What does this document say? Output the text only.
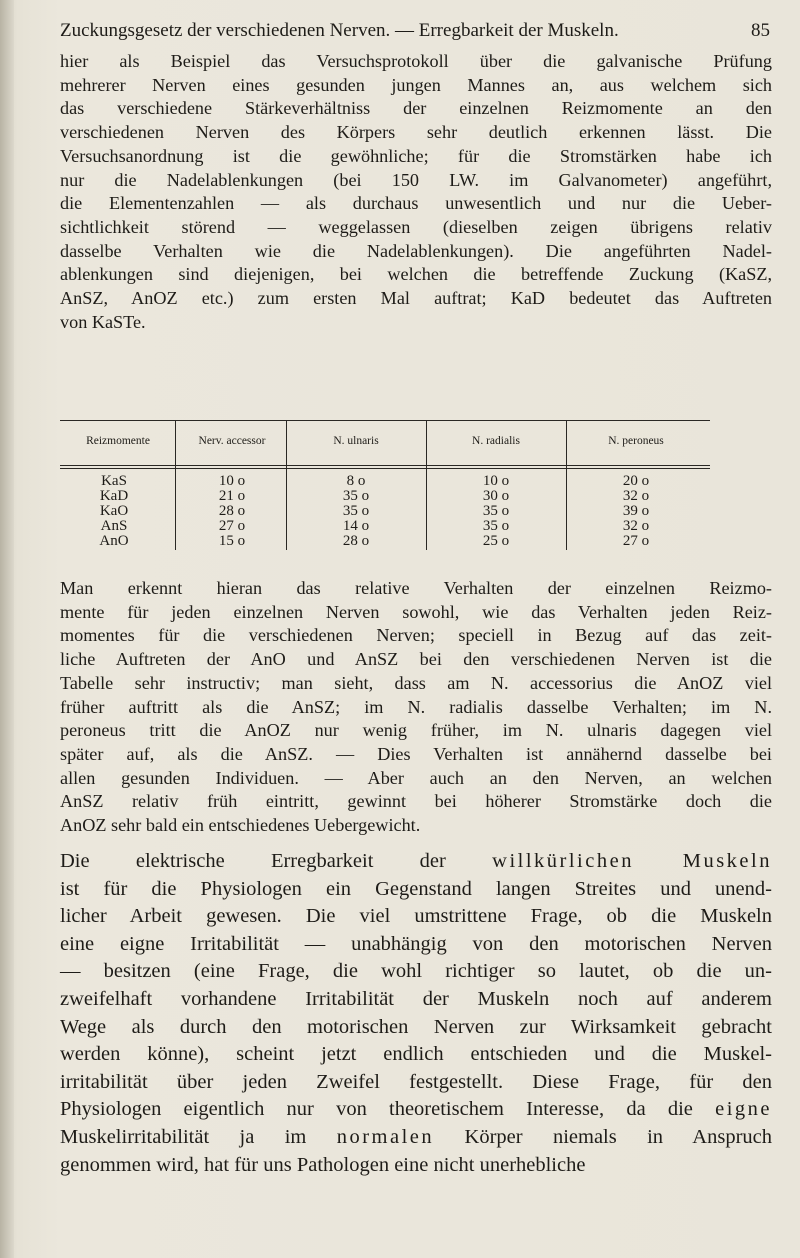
Zuckungsgesetz der verschiedenen Nerven. — Erregbarkeit der Muskeln.	85

hier als Beispiel das Versuchsprotokoll über die galvanische Prüfung
mehrerer Nerven eines gesunden jungen Mannes an, aus welchem sich
das verschiedene Stärkeverhältniss der einzelnen Reizmomente an den
verschiedenen Nerven des Körpers sehr deutlich erkennen lässt. Die
Versuchsanordnung ist die gewöhnliche; für die Stromstärken habe ich
nur die Nadelablenkungen (bei 150 LW. im Galvanometer) angeführt,
die Elementenzahlen — als durchaus unwesentlich und nur die Ueber-
sichtlichkeit störend — weggelassen (dieselben zeigen übrigens relativ
dasselbe Verhalten wie die Nadelablenkungen). Die angeführten Nadel-
ablenkungen sind diejenigen, bei welchen die betreffende Zuckung (KaSZ,
AnSZ, AnOZ etc.) zum ersten Mal auftrat; KaD bedeutet das Auftreten
von KaSTe.

Reizmomente	Nerv. accessor	N. ulnaris	N. radialis	N. peroneus
KaS	10 o	8 o	10 o	20 o
KaD	21 o	35 o	30 o	32 o
KaO	28 o	35 o	35 o	39 o
AnS	27 o	14 o	35 o	32 o
AnO	15 o	28 o	25 o	27 o

Man erkennt hieran das relative Verhalten der einzelnen Reizmo-
mente für jeden einzelnen Nerven sowohl, wie das Verhalten jeden Reiz-
momentes für die verschiedenen Nerven; speciell in Bezug auf das zeit-
liche Auftreten der AnO und AnSZ bei den verschiedenen Nerven ist die
Tabelle sehr instructiv; man sieht, dass am N. accessorius die AnOZ viel
früher auftritt als die AnSZ; im N. radialis dasselbe Verhalten; im N.
peroneus tritt die AnOZ nur wenig früher, im N. ulnaris dagegen viel
später auf, als die AnSZ. — Dies Verhalten ist annähernd dasselbe bei
allen gesunden Individuen. — Aber auch an den Nerven, an welchen
AnSZ relativ früh eintritt, gewinnt bei höherer Stromstärke doch die
AnOZ sehr bald ein entschiedenes Uebergewicht.

Die elektrische Erregbarkeit der willkürlichen Muskeln
ist für die Physiologen ein Gegenstand langen Streites und unend-
licher Arbeit gewesen. Die viel umstrittene Frage, ob die Muskeln
eine eigne Irritabilität — unabhängig von den motorischen Nerven
— besitzen (eine Frage, die wohl richtiger so lautet, ob die un-
zweifelhaft vorhandene Irritabilität der Muskeln noch auf anderem
Wege als durch den motorischen Nerven zur Wirksamkeit gebracht
werden könne), scheint jetzt endlich entschieden und die Muskel-
irritabilität über jeden Zweifel festgestellt. Diese Frage, für den
Physiologen eigentlich nur von theoretischem Interesse, da die eigne
Muskelirritabilität ja im normalen Körper niemals in Anspruch
genommen wird, hat für uns Pathologen eine nicht unerhebliche
